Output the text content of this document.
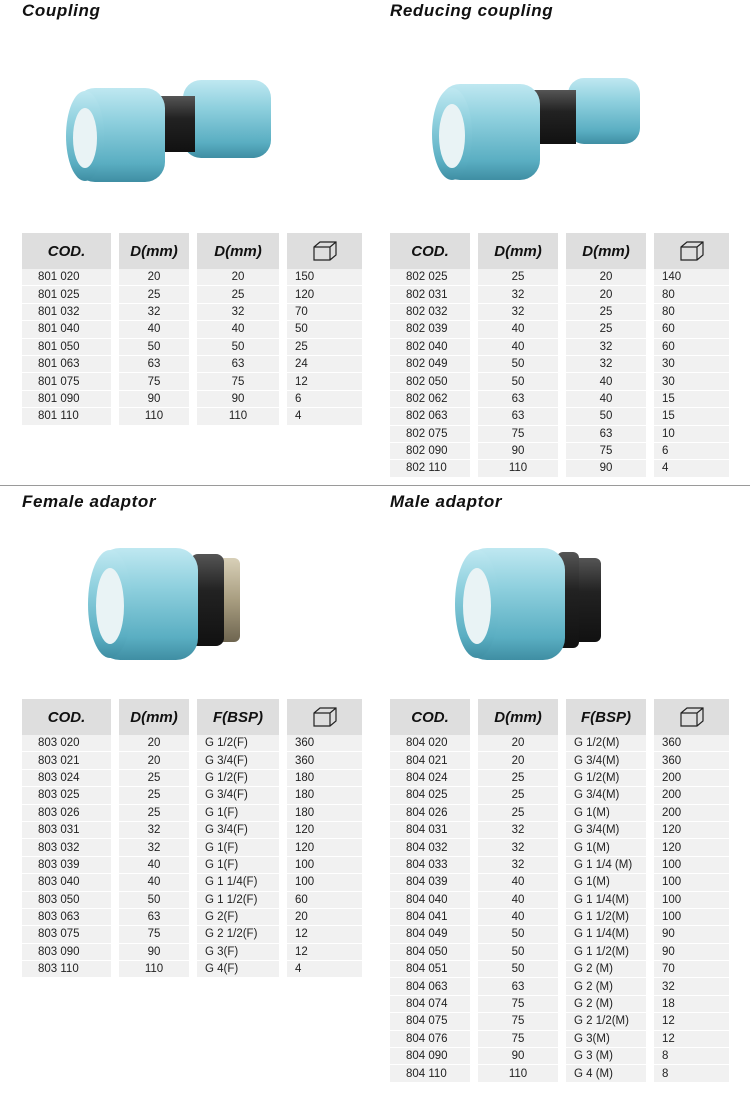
Coupling
COD.		D(mm)		D(mm)		
801 020		20		20		150
801 025		25		25		120
801 032		32		32		70
801 040		40		40		50
801 050		50		50		25
801 063		63		63		24
801 075		75		75		12
801 090		90		90		6
801 110		110		110		4
Reducing coupling
COD.		D(mm)		D(mm)		
802 025		25		20		140
802 031		32		20		80
802 032		32		25		80
802 039		40		25		60
802 040		40		32		60
802 049		50		32		30
802 050		50		40		30
802 062		63		40		15
802 063		63		50		15
802 075		75		63		10
802 090		90		75		6
802 110		110		90		4
Female adaptor
COD.		D(mm)		F(BSP)		
803 020		20		G 1/2(F)		360
803 021		20		G 3/4(F)		360
803 024		25		G 1/2(F)		180
803 025		25		G 3/4(F)		180
803 026		25		G 1(F)		180
803 031		32		G 3/4(F)		120
803 032		32		G 1(F)		120
803 039		40		G 1(F)		100
803 040		40		G 1 1/4(F)		100
803 050		50		G 1 1/2(F)		60
803 063		63		G 2(F)		20
803 075		75		G 2 1/2(F)		12
803 090		90		G 3(F)		12
803 110		110		G 4(F)		4
Male adaptor
COD.		D(mm)		F(BSP)		
804 020		20		G 1/2(M)		360
804 021		20		G 3/4(M)		360
804 024		25		G 1/2(M)		200
804 025		25		G 3/4(M)		200
804 026		25		G 1(M)		200
804 031		32		G 3/4(M)		120
804 032		32		G 1(M)		120
804 033		32		G 1 1/4 (M)		100
804 039		40		G 1(M)		100
804 040		40		G 1 1/4(M)		100
804 041		40		G 1 1/2(M)		100
804 049		50		G 1 1/4(M)		90
804 050		50		G 1 1/2(M)		90
804 051		50		G 2 (M)		70
804 063		63		G 2 (M)		32
804 074		75		G 2 (M)		18
804 075		75		G 2 1/2(M)		12
804 076		75		G 3(M)		12
804 090		90		G 3 (M)		8
804 110		110		G 4 (M)		8
